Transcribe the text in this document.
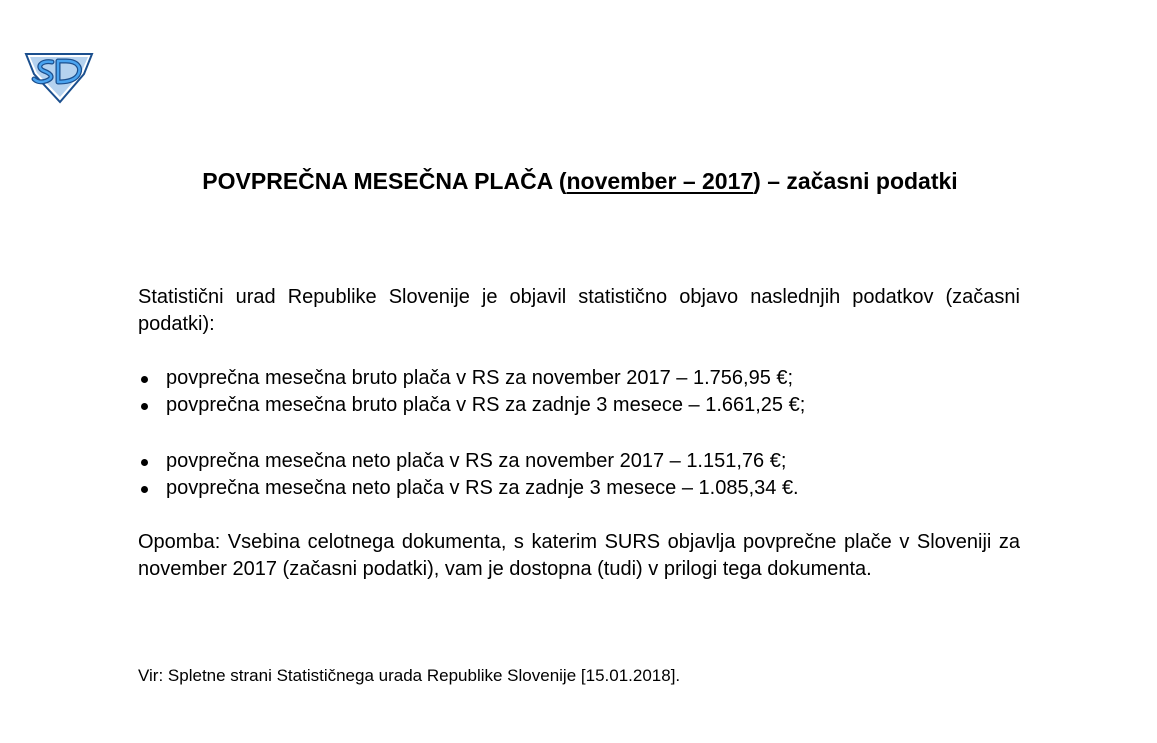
POVPREČNA MESEČNA PLAČA (november – 2017) – začasni podatki

Statistični urad Republike Slovenije je objavil statistično objavo naslednjih podatkov (začasni podatki):

povprečna mesečna bruto plača v RS za november 2017 – 1.756,95 €;
povprečna mesečna bruto plača v RS za zadnje 3 mesece – 1.661,25 €;
povprečna mesečna neto plača v RS za november 2017 – 1.151,76 €;
povprečna mesečna neto plača v RS za zadnje 3 mesece – 1.085,34 €.

Opomba: Vsebina celotnega dokumenta, s katerim SURS objavlja povprečne plače v Sloveniji za november 2017 (začasni podatki), vam je dostopna (tudi) v prilogi tega dokumenta.

Vir: Spletne strani Statističnega urada Republike Slovenije [15.01.2018].
